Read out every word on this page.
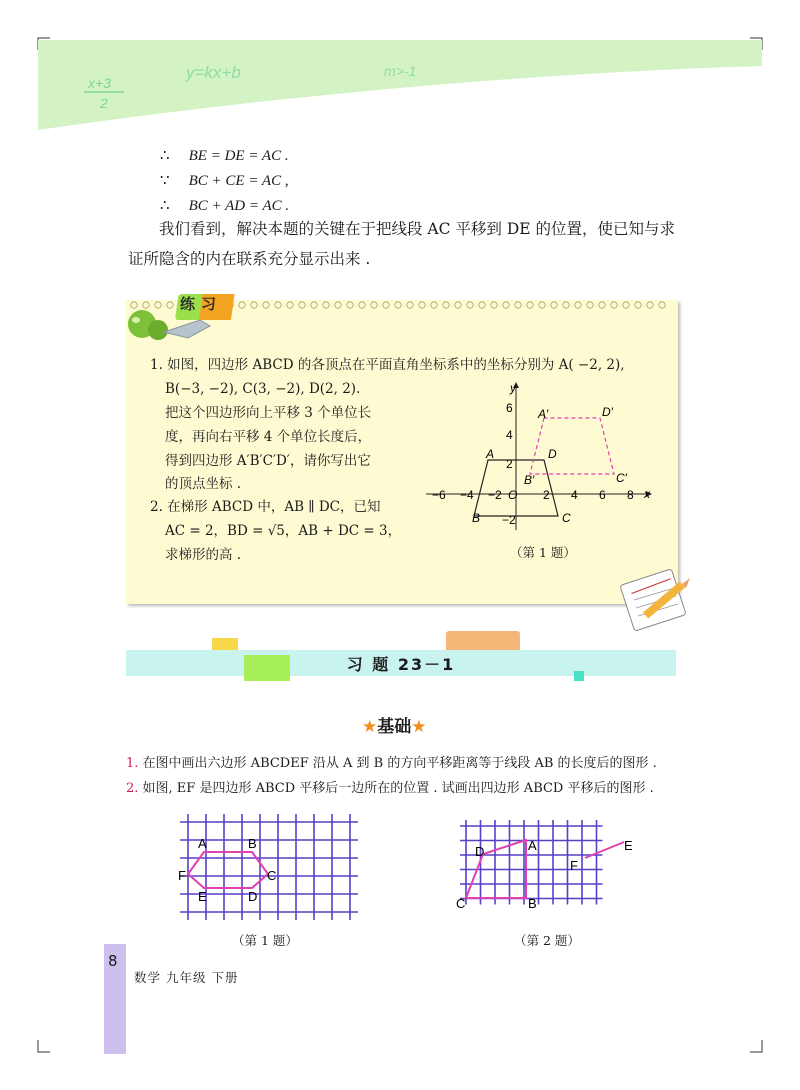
x+3
2
y=kx+b	m>-1
∴ BE = DE = AC .
∵ BC + CE = AC ,
∴ BC + AD = AC .
我们看到，解决本题的关键在于把线段 AC 平移到 DE 的位置，使已知与求证所隐含的内在联系充分显示出来 .
练习
1. 如图，四边形 ABCD 的各顶点在平面直角坐标系中的坐标分别为 A( −2, 2),
B(−3, −2), C(3, −2), D(2, 2).
把这个四边形向上平移 3 个单位长
度，再向右平移 4 个单位长度后，
得到四边形 A′B′C′D′，请你写出它
的顶点坐标 .
2. 在梯形 ABCD 中，AB ∥ DC，已知
AC = 2，BD = √5，AB + DC = 3，
求梯形的高 .
x
y
O
−6 −4 −2	2 4 6 8
6
4
2
−2
A
B	C
D
A′
B′	C′
D′
（第 1 题）
习 题 23－1
★基础★
1. 在图中画出六边形 ABCDEF 沿从 A 到 B 的方向平移距离等于线段 AB 的长度后的图形 .
2. 如图, EF 是四边形 ABCD 平移后一边所在的位置 . 试画出四边形 ABCD 平移后的图形 .
A	B
C
D
E
F
（第 1 题）
A
B
C
D	E
F
（第 2 题）
8
数学 九年级 下册
